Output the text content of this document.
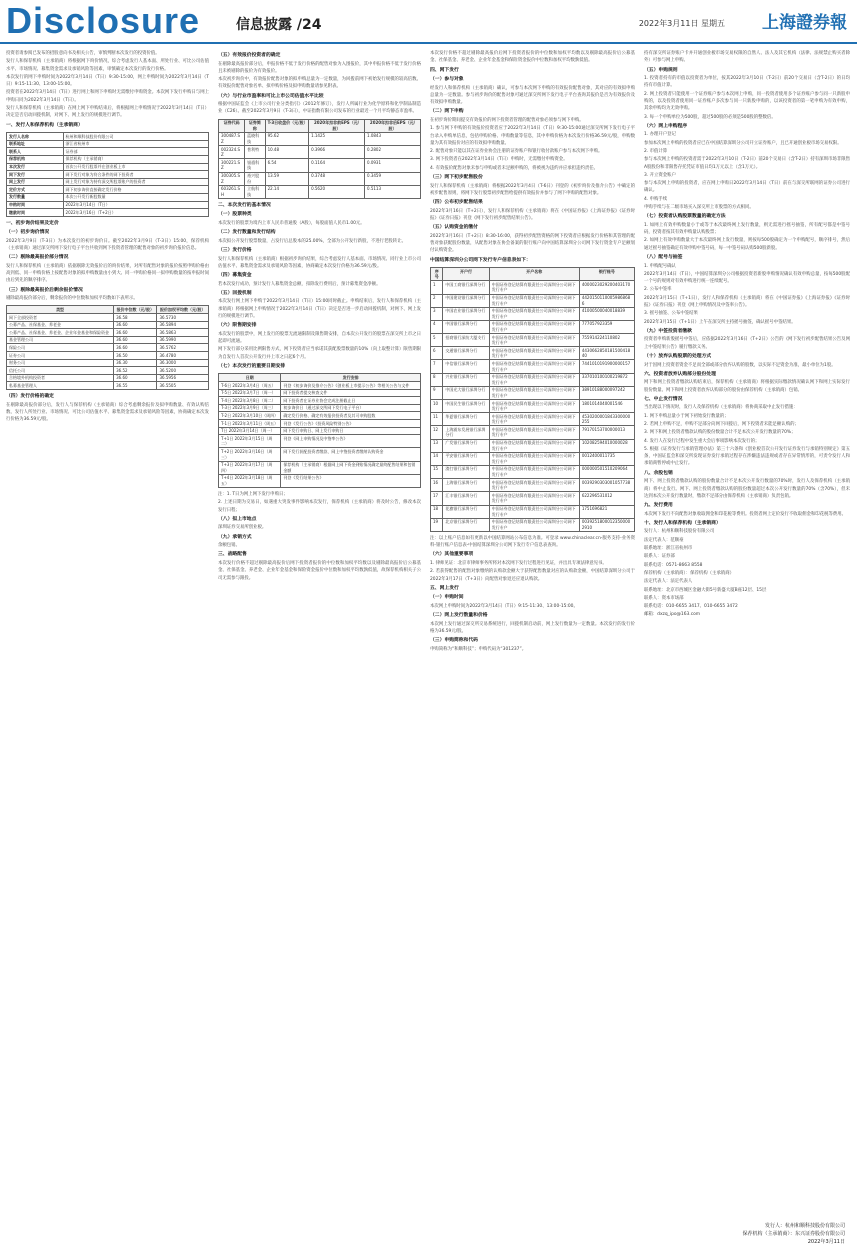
Disclosure	信息披露 /24	2022年3月11日 星期五 上海證券報
投资者请参阅已发布的招股意向书及相关公告，审慎判断本次发行的投资价值。
发行人和保荐机构（主承销商）将根据网下询价情况，综合考虑发行人基本面、所处行业、可比公司估值水平、市场情况、募集资金需求及承销风险等因素，审慎确定本次发行的发行价格。
本次发行的网下申购时间为2022年3月14日（T日）9:30-15:00，网上申购时间为2022年3月14日（T日）9:15-11:30、13:00-15:00。
投资者在2022年3月14日（T日）进行网上和网下申购时无需缴付申购资金。本次网下发行申购日与网上申购日同为2022年3月14日（T日）。
发行人和保荐机构（主承销商）在网上网下申购结束后，将根据网上申购情况于2022年3月14日（T日）决定是否启动回拨机制，对网下、网上发行的规模进行调节。
一、发行人和保荐机构（主承销商）
发行人名称	杭州和顺科技股份有限公司
联系地址	浙江省杭州市
联系人	证券部
保荐机构	保荐机构（主承销商）
本次发行	首次公开发行股票并在创业板上市
网下发行	网下发行对象为符合条件的网下投资者
网上发行	网上发行对象为持有深交所股票账户的投资者
定价方式	网下初步询价直接确定发行价格
发行数量	本次公开发行新股数量
申购时间	2022年3月14日（T日）
缴款时间	2022年3月16日（T+2日）
一、初步询价结果及定价
（一）初步询价情况
2022年3月9日（T-3日）为本次发行的初步询价日。截至2022年3月9日（T-3日）15:00，保荐机构（主承销商）通过深交所网下发行电子平台共收到网下投资者管理的配售对象的初步询价报价信息。
（二）剔除最高报价部分情况
发行人和保荐机构（主承销商）依据剔除无效报价后的询价结果，对所有配售对象的报价按照申购价格由高到低、同一申购价格上按配售对象的拟申购数量由小到大、同一申购价格同一拟申购数量的按申报时间由后到先的顺序排序。
（三）剔除最高报价后剩余报价情况
剔除最高报价部分后，剩余报价的中位数和加权平均数如下表所示。
类型	报价中位数（元/股）	报价加权平均数（元/股）
网下全部投资者	36.58	36.5730
公募产品、社保基金、养老金	36.60	36.5894
公募产品、社保基金、养老金、企业年金基金和保险资金	36.60	36.5863
基金管理公司	36.60	36.5990
保险公司	36.60	36.5762
证券公司	36.50	36.4780
财务公司	36.30	36.3000
信托公司	36.52	36.5200
合格境外机构投资者	36.60	36.5956
私募基金管理人	36.55	36.5505
（四）发行价格的确定
在剔除最高报价部分后，发行人与保荐机构（主承销商）综合考虑剩余报价及拟申购数量、有效认购倍数、发行人所处行业、市场情况、可比公司估值水平、募集资金需求及承销风险等因素，协商确定本次发行价格为36.59元/股。
（五）有效报价投资者的确定
在剔除最高报价部分后，申报价格不低于发行价格的配售对象为入围报价，其中申报价格不低于发行价格且未被剔除的报价为有效报价。
本次初步询价中，有效报价配售对象的拟申购总量为一定数量，为回拨前网下初始发行规模的较高倍数。有效报价配售对象名单、拟申购价格及拟申购数量请参见附表。
（六）与行业市盈率和可比上市公司估值水平比较
根据中国证监会《上市公司行业分类指引》（2012年修订），发行人所属行业为化学原料和化学制品制造业（C26）。截至2022年3月9日（T-3日），中证指数有限公司发布的行业最近一个月平均静态市盈率。
证券代码	证券简称	T-3日收盘价（元/股）	2020年扣非前EPS（元/股）	2020年扣非后EPS（元/股）
300487.SZ	蓝晓科技	95.62	1.1425	1.0843
002324.SZ	普利特	10.48	0.3966	0.2802
300221.SZ	银禧科技	6.54	0.1164	0.0931
300305.SZ	裕兴股份	13.59	0.3748	0.3459
603261.SH	立航科技	22.14	0.5620	0.5113
二、本次发行的基本情况
（一）股票种类
本次发行的股票为境内上市人民币普通股（A股），每股面值人民币1.00元。
（二）发行数量和发行结构
本次拟公开发行股票数量，占发行后总股本的25.00%，全部为公开发行新股，不进行老股转让。
（三）发行价格
发行人和保荐机构（主承销商）根据初步询价结果，综合考虑发行人基本面、市场情况、同行业上市公司估值水平、募集资金需求及承销风险等因素，协商确定本次发行价格为36.59元/股。
（四）募集资金
若本次发行成功，预计发行人募集资金总额，扣除发行费用后，预计募集资金净额。
（五）回拨机制
本次发行网上网下申购于2022年3月14日（T日）15:00同时截止。申购结束后，发行人和保荐机构（主承销商）将根据网上申购情况于2022年3月14日（T日）决定是否进一步启动回拨机制，对网下、网上发行的规模进行调节。
（六）限售期安排
本次发行的股票中，网上发行的股票无流通限制及限售期安排，自本次公开发行的股票在深交所上市之日起即可流通。
网下发行部分采用比例限售方式，网下投资者应当承诺其获配股票数量的10%（向上取整计算）限售期限为自发行人首次公开发行并上市之日起6个月。
（七）本次发行的重要日期安排
日期	发行安排
T-6日 2022年3月4日（周五）	刊登《初步询价及推介公告》《创业板上市提示公告》等相关公告与文件
T-5日 2022年3月7日（周一）	网下投资者提交核查文件
T-4日 2022年3月8日（周二）	网下投资者在证券业协会完成注册截止日
T-3日 2022年3月9日（周三）	初步询价日（通过深交所网下发行电子平台）
T-2日 2022年3月10日（周四）	确定发行价格、确定有效报价投资者及其可申购股数
T-1日 2022年3月11日（周五）	刊登《发行公告》《投资风险特别公告》
T日 2022年3月14日（周一）	网下发行申购日、网上发行申购日
T+1日 2022年3月15日（周二）	刊登《网上申购情况及中签率公告》
T+2日 2022年3月16日（周三）	网下发行获配投资者缴款、网上中签投资者缴纳认购资金
T+3日 2022年3月17日（周四）	保荐机构（主承销商）根据网上网下资金到账情况确定最终配售结果和包销金额
T+4日 2022年3月18日（周五）	刊登《发行结果公告》
注：1. T日为网上网下发行申购日；
2. 上述日期为交易日，如遇重大突发事件影响本次发行，保荐机构（主承销商）将及时公告，修改本次发行日程；
（八）拟上市地点
深圳证券交易所创业板。
（九）承销方式
余额包销。
三、战略配售
本次发行价格不超过剔除最高报价后网下投资者报价的中位数和加权平均数以及剔除最高报价后公募基金、社保基金、养老金、企业年金基金和保险资金报价中位数和加权平均数孰低值，故保荐机构相关子公司无需参与跟投。
本次发行价格不超过剔除最高报价后网下投资者报价的中位数和加权平均数以及剔除最高报价后公募基金、社保基金、养老金、企业年金基金和保险资金报价中位数和加权平均数孰低值。
四、网下发行
（一）参与对象
经发行人和保荐机构（主承销商）确认，可参与本次网下申购的有效报价配售对象，其对应的有效拟申购总量为一定数量。参与初步询价的配售对象可通过深交所网下发行电子平台查询其报价是否为有效报价及有效拟申购数量。
（二）网下申购
在初步询价期间提交有效报价的网下投资者管理的配售对象必须参与网下申购。
1. 参与网下申购的有效报价投资者应于2022年3月14日（T日）9:30-15:00通过深交所网下发行电子平台录入申购单信息，包括申购价格、申购数量等信息，其中申购价格为本次发行价格36.59元/股，申购数量为其有效报价对应的有效拟申购数量。
2. 配售对象只能以其在证券业协会注册的证券账户和银行收付款账户参与本次网下申购。
3. 网下投资者在2022年3月14日（T日）申购时，无需缴付申购资金。
4. 有效报价配售对象未参与申购或者未足额申购的，将被视为违约并应承担违约责任。
（三）网下初步配售股份
发行人和保荐机构（主承销商）将根据2022年3月4日（T-6日）刊登的《初步询价及推介公告》中确定的初步配售原则，将网下发行股票初步配售给提供有效报价并参与了网下申购的配售对象。
（四）公布初步配售结果
2022年3月16日（T+2日），发行人和保荐机构（主承销商）将在《中国证券报》《上海证券报》《证券时报》《证券日报》刊登《网下发行初步配售结果公告》。
（五）认购资金的缴付
2022年3月16日（T+2日）8:30-16:00，获得初步配售资格的网下投资者应根据发行价格和其管理的配售对象获配股份数量，从配售对象在协会备案的银行账户向中国结算深圳分公司网下发行资金专户足额划付认购资金。
中国结算深圳分公司网下发行专户信息表如下：
序号	开户行	开户名称	银行账号
1	中国工商银行深圳分行	中国证券登记结算有限责任公司深圳分公司网下发行专户	4000023029200403170
2	中国建设银行深圳分行	中国证券登记结算有限责任公司深圳分公司网下发行专户	44201501100059868686
3	中国农业银行深圳分行	中国证券登记结算有限责任公司深圳分公司网下发行专户	41000500040018839
4	中国银行深圳分行	中国证券登记结算有限责任公司深圳分公司网下发行专户	777057923359
5	招商银行深纺大厦支行	中国证券登记结算有限责任公司深圳分公司网下发行专户	755914224110802
6	交通银行深圳分行	中国证券登记结算有限责任公司深圳分公司网下发行专户	443066285018150041840
7	中信银行深圳分行	中国证券登记结算有限责任公司深圳分公司网下发行专户	7441010191900000157
8	兴业银行深圳分行	中国证券登记结算有限责任公司深圳分公司网下发行专户	337010100100219872
9	中国光大银行深圳分行	中国证券登记结算有限责任公司深圳分公司网下发行专户	38910188000097242
10	中国民生银行深圳分行	中国证券登记结算有限责任公司深圳分公司网下发行专户	1801014040001546
11	华夏银行深圳分行	中国证券登记结算有限责任公司深圳分公司网下发行专户	4530200001843300000255
12	上海浦东发展银行深圳分行	中国证券登记结算有限责任公司深圳分公司网下发行专户	79170153700000013
13	广发银行深圳分行	中国证券登记结算有限责任公司深圳分公司网下发行专户	102082594010000028
14	平安银行深圳分行	中国证券登记结算有限责任公司深圳分公司网下发行专户	0012400011735
15	渣打银行深圳分行	中国证券登记结算有限责任公司深圳分公司网下发行专户	000000501510209064
16	上海银行深圳分行	中国证券登记结算有限责任公司深圳分公司网下发行专户	0039290303001057738
17	汇丰银行深圳分行	中国证券登记结算有限责任公司深圳分公司网下发行专户	622296531012
18	花旗银行深圳分行	中国证券登记结算有限责任公司深圳分公司网下发行专户	1751696821
19	北京银行深圳分行	中国证券登记结算有限责任公司深圳分公司网下发行专户	00392518000123500002910
注：以上账户信息如有更新以中国结算网站公布信息为准。可登录 www.chinaclear.cn-服务支持-业务资料-银行账户信息表-中国结算深圳分公司网下发行专户信息表查询。
（六）其他重要事项
1. 律师见证：北京市律师事务所将对本次网下发行过程进行见证，并出具专项法律意见书。
2. 若获得配售的配售对象缴纳的认购款金额大于获得配售数量对应的认购款金额，中国结算深圳分公司于2022年3月17日（T+3日）向配售对象退还应退认购款。
五、网上发行
（一）申购时间
本次网上申购时间为2022年3月14日（T日）9:15-11:30、13:00-15:00。
（二）网上发行数量和价格
本次网上发行通过深交所交易系统进行，回拨机制启动前，网上发行数量为一定数量。本次发行的发行价格为36.59元/股。
（三）申购简称和代码
申购简称为“和顺科技”；申购代码为“301237”。
持有深交所证券账户卡并开通创业板市场交易权限的自然人、法人及其它机构（法律、法规禁止购买者除外）可参与网上申购。
（五）申购规则
1. 投资者持有的市值以投资者为单位，按其2022年3月10日（T-2日）前20个交易日（含T-2日）的日均持有市值计算。
2. 网上投资者只能使用一个证券账户参与本次网上申购，同一投资者使用多个证券账户参与同一只新股申购的，以及投资者使用同一证券账户多次参与同一只新股申购的，以该投资者的第一笔申购为有效申购，其余申购均为无效申购。
3. 每一个申购单位为500股，超过500股的必须是500股的整数倍。
（六）网上申购程序
1. 办理开户登记
参加本次网上申购的投资者应已在中国结算深圳分公司开立证券账户，且已开通创业板市场交易权限。
2. 市值计算
参与本次网上申购的投资者需于2022年3月10日（T-2日）前20个交易日（含T-2日）持有深圳市场非限售A股股份和非限售存托凭证市值日均1万元以上（含1万元）。
3. 开立资金账户
参与本次网上申购的投资者，应在网上申购日2022年3月14日（T日）前在与深交所联网的证券公司进行确认。
4. 申购手续
申购手续与在二级市场买入深交所上市股票的方式相同。
（七）投资者认购股票数量的确定方法
1. 如网上有效申购数量小于或等于本次最终网上发行数量，则无需进行摇号抽签，所有配号都是中签号码，投资者按其有效申购量认购股票；
2. 如网上有效申购数量大于本次最终网上发行数量，则按每500股确定为一个申购配号，顺序排号，然后通过摇号抽签确定有效申购中签号码，每一中签号码认购500股新股。
（八）配号与抽签
1. 申购配号确认
2022年3月14日（T日），中国结算深圳分公司根据投资者新股申购情况确认有效申购总量，按每500股配一个号的规则对有效申购进行统一连续配号。
2. 公布中签率
2022年3月15日（T+1日），发行人和保荐机构（主承销商）将在《中国证券报》《上海证券报》《证券时报》《证券日报》刊登《网上申购情况及中签率公告》。
3. 摇号抽签、公布中签结果
2022年3月15日（T+1日）上午在深交所主持摇号抽签，确认摇号中签结果。
（九）中签投资者缴款
投资者申购新股摇号中签后，应依据2022年3月16日（T+2日）公告的《网下发行初步配售结果公告及网上中签结果公告》履行缴款义务。
（十）放弃认购股票的处理方式
对于因网上投资者资金不足而全部或部分放弃认购的股数，以实际不足资金为准，最小单位为1股。
六、投资者放弃认购部分股份处理
网下和网上投资者缴款认购结束后，保荐机构（主承销商）将根据实际缴款情况确认网下和网上实际发行股份数量。网下和网上投资者放弃认购部分的股份由保荐机构（主承销商）包销。
七、中止发行情况
当出现以下情况时，发行人及保荐机构（主承销商）将协商采取中止发行措施：
1. 网下申购总量小于网下初始发行数量的；
2. 若网上申购不足，申购不足部分向网下回拨后，网下投资者未能足额认购的；
3. 网下和网上投资者缴款认购的股份数量合计不足本次公开发行数量的70%；
4. 发行人在发行过程中发生重大会后事项影响本次发行的；
5. 根据《证券发行与承销管理办法》第三十六条和《创业板首次公开发行证券发行与承销特别规定》第五条，中国证监会和深交所发现证券发行承销过程存在涉嫌违法违规或者存在异常情形的，可责令发行人和承销商暂停或中止发行。
八、余股包销
网下、网上投资者缴款认购的股份数量合计不足本次公开发行数量的70%时，发行人及保荐机构（主承销商）将中止发行。网下、网上投资者缴款认购的股份数量超过本次公开发行数量的70%（含70%），但未达到本次公开发行数量时，缴款不足部分由保荐机构（主承销商）负责包销。
九、发行费用
本次网下发行不向配售对象收取佣金和印花税等费用。投资者网上定价发行不收取佣金和印花税等费用。
十、发行人和保荐机构（主承销商）
发行人：杭州和顺科技股份有限公司
法定代表人：范顺豪
联系地址：浙江省杭州市
联系人：证券部
联系电话：0571-8663 8558
保荐机构（主承销商）：保荐机构（主承销商）
法定代表人：法定代表人
联系地址：北京市西城区金融大街5号新盛大厦B座12层、15层
联系人：资本市场部
联系电话：010-6655 3417、010-6655 3472
邮箱：dxzq_ipo@163.com
发行人：杭州和顺科技股份有限公司
保荐机构（主承销商）：东兴证券股份有限公司
2022年3月11日
